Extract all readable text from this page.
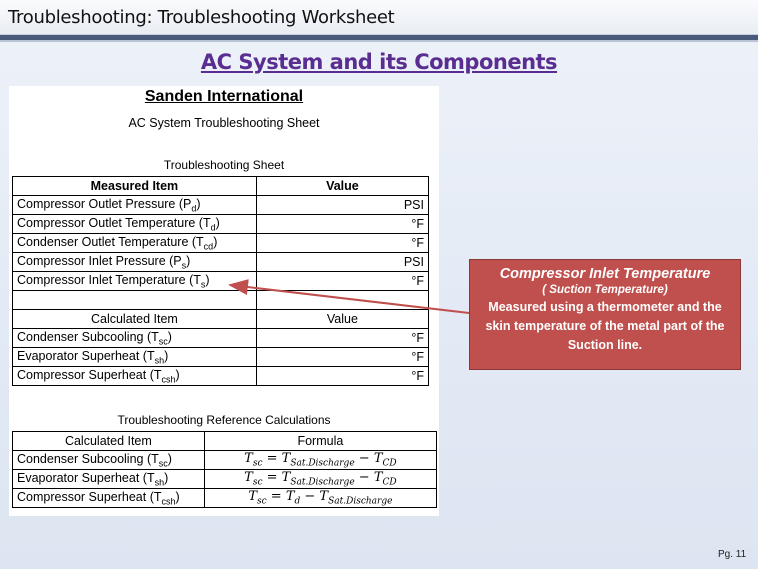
Troubleshooting: Troubleshooting Worksheet
AC System and its Components
Sanden International
AC System Troubleshooting Sheet
Troubleshooting Sheet
Measured Item	Value
Compressor Outlet Pressure $(P_d)$	PSI
Compressor Outlet Temperature $(T_d)$	°F
Condenser Outlet Temperature $(T_{cd})$	°F
Compressor Inlet Pressure $(P_s)$	PSI
Compressor Inlet Temperature $(T_s)$	°F

Calculated Item	Value
Condenser Subcooling $(T_{sc})$	°F
Evaporator Superheat $(T_{sh})$	°F
Compressor Superheat $(T_{csh})$	°F
Troubleshooting Reference Calculations
Calculated Item	Formula
Condenser Subcooling $(T_{sc})$	$T_{sc} = T_{Sat.Discharge} - T_{CD}$
Evaporator Superheat $(T_{sh})$	$T_{sc} = T_{Sat.Discharge} - T_{CD}$
Compressor Superheat $(T_{csh})$	$T_{sc} = T_d - T_{Sat.Discharge}$
Compressor Inlet Temperature
( Suction Temperature)
Measured using a thermometer and the skin temperature of the metal part of the Suction line.
Pg. 11
